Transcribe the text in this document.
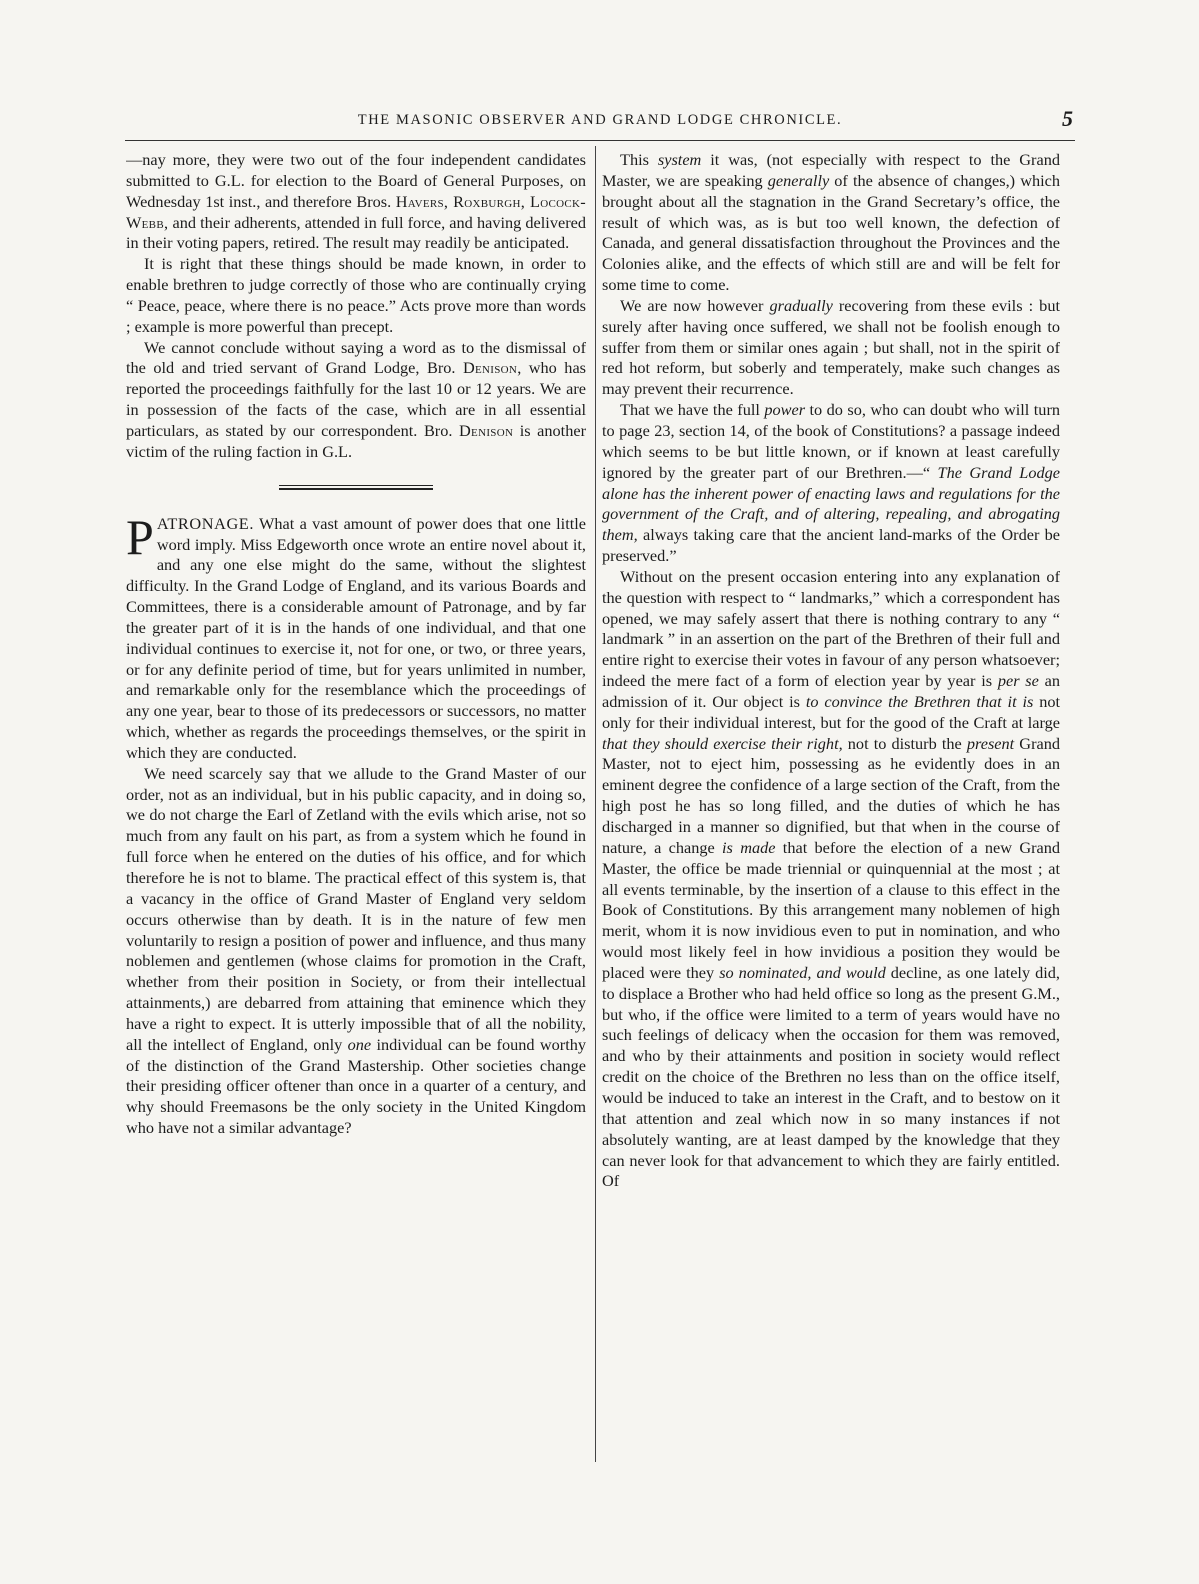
THE MASONIC OBSERVER AND GRAND LODGE CHRONICLE.	5

—nay more, they were two out of the four independent candidates submitted to G.L. for election to the Board of General Purposes, on Wednesday 1st inst., and therefore Bros. Havers, Roxburgh, Locock-Webb, and their adherents, attended in full force, and having delivered in their voting papers, retired. The result may readily be anticipated.

It is right that these things should be made known, in order to enable brethren to judge correctly of those who are continually crying “ Peace, peace, where there is no peace.” Acts prove more than words ; example is more powerful than precept.

We cannot conclude without saying a word as to the dismissal of the old and tried servant of Grand Lodge, Bro. Denison, who has reported the proceedings faithfully for the last 10 or 12 years. We are in possession of the facts of the case, which are in all essential particulars, as stated by our correspondent. Bro. Denison is another victim of the ruling faction in G.L.

PATRONAGE. What a vast amount of power does that one little word imply. Miss Edgeworth once wrote an entire novel about it, and any one else might do the same, without the slightest difficulty. In the Grand Lodge of England, and its various Boards and Committees, there is a considerable amount of Patronage, and by far the greater part of it is in the hands of one individual, and that one individual continues to exercise it, not for one, or two, or three years, or for any definite period of time, but for years unlimited in number, and remarkable only for the resemblance which the proceedings of any one year, bear to those of its predecessors or successors, no matter which, whether as regards the proceedings themselves, or the spirit in which they are conducted.

We need scarcely say that we allude to the Grand Master of our order, not as an individual, but in his public capacity, and in doing so, we do not charge the Earl of Zetland with the evils which arise, not so much from any fault on his part, as from a system which he found in full force when he entered on the duties of his office, and for which therefore he is not to blame. The practical effect of this system is, that a vacancy in the office of Grand Master of England very seldom occurs otherwise than by death. It is in the nature of few men voluntarily to resign a position of power and influence, and thus many noblemen and gentlemen (whose claims for promotion in the Craft, whether from their position in Society, or from their intellectual attainments,) are debarred from attaining that eminence which they have a right to expect. It is utterly impossible that of all the nobility, all the intellect of England, only one individual can be found worthy of the distinction of the Grand Mastership. Other societies change their presiding officer oftener than once in a quarter of a century, and why should Freemasons be the only society in the United Kingdom who have not a similar advantage?

This system it was, (not especially with respect to the Grand Master, we are speaking generally of the absence of changes,) which brought about all the stagnation in the Grand Secretary’s office, the result of which was, as is but too well known, the defection of Canada, and general dissatisfaction throughout the Provinces and the Colonies alike, and the effects of which still are and will be felt for some time to come.

We are now however gradually recovering from these evils : but surely after having once suffered, we shall not be foolish enough to suffer from them or similar ones again ; but shall, not in the spirit of red hot reform, but soberly and temperately, make such changes as may prevent their recurrence.

That we have the full power to do so, who can doubt who will turn to page 23, section 14, of the book of Constitutions? a passage indeed which seems to be but little known, or if known at least carefully ignored by the greater part of our Brethren.—“ The Grand Lodge alone has the inherent power of enacting laws and regulations for the government of the Craft, and of altering, repealing, and abrogating them, always taking care that the ancient land-marks of the Order be preserved.”

Without on the present occasion entering into any explanation of the question with respect to “ landmarks,” which a correspondent has opened, we may safely assert that there is nothing contrary to any “ landmark ” in an assertion on the part of the Brethren of their full and entire right to exercise their votes in favour of any person whatsoever; indeed the mere fact of a form of election year by year is per se an admission of it. Our object is to convince the Brethren that it is not only for their individual interest, but for the good of the Craft at large that they should exercise their right, not to disturb the present Grand Master, not to eject him, possessing as he evidently does in an eminent degree the confidence of a large section of the Craft, from the high post he has so long filled, and the duties of which he has discharged in a manner so dignified, but that when in the course of nature, a change is made that before the election of a new Grand Master, the office be made triennial or quinquennial at the most ; at all events terminable, by the insertion of a clause to this effect in the Book of Constitutions. By this arrangement many noblemen of high merit, whom it is now invidious even to put in nomination, and who would most likely feel in how invidious a position they would be placed were they so nominated, and would decline, as one lately did, to displace a Brother who had held office so long as the present G.M., but who, if the office were limited to a term of years would have no such feelings of delicacy when the occasion for them was removed, and who by their attainments and position in society would reflect credit on the choice of the Brethren no less than on the office itself, would be induced to take an interest in the Craft, and to bestow on it that attention and zeal which now in so many instances if not absolutely wanting, are at least damped by the knowledge that they can never look for that advancement to which they are fairly entitled. Of
